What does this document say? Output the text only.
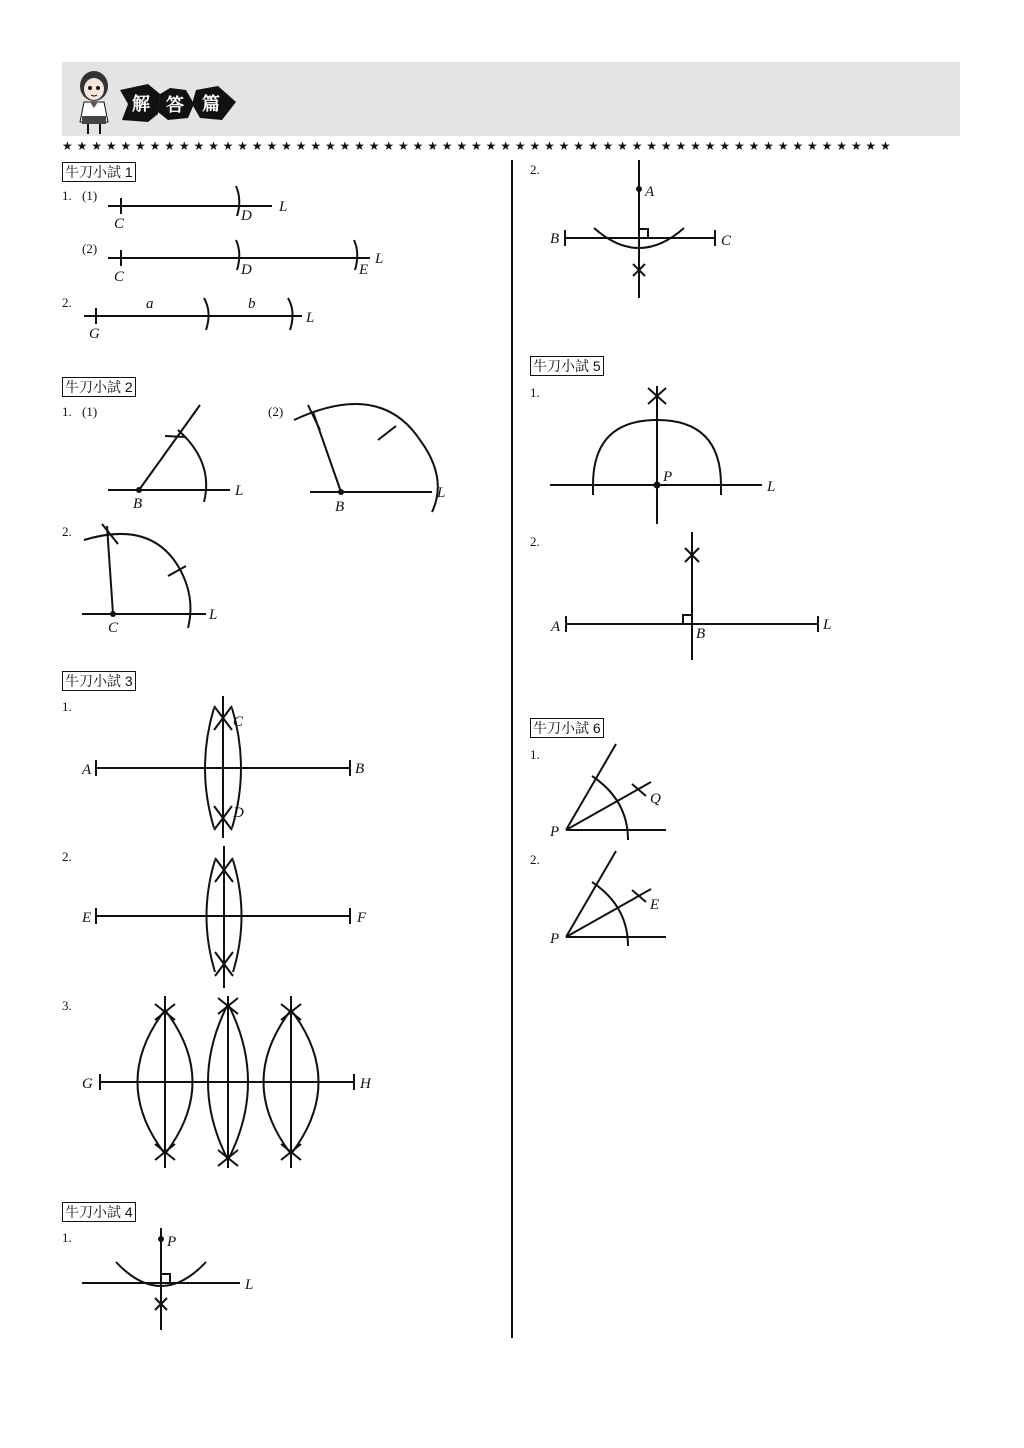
解 答 篇
★★★★★★★★★★★★★★★★★★★★★★★★★★★★★★★★★★★★★★★★★★★★★★★★★★★★★★★★★
牛刀小試 1
1. (1)
C	D
L
C	D	E
L
(2)
2.
G
a	b
L
牛刀小試 2
1. (1)	(2)
B
L
B
L
2.
C
L
牛刀小試 3
1.
A	B
C
D
2.
E	F
3.
G	H
牛刀小試 4
1.	P
L
2.
A
B	C
牛刀小試 5
1.
P
L
2.
A	B
L
牛刀小試 6
1.
P
Q
2.
P
E
